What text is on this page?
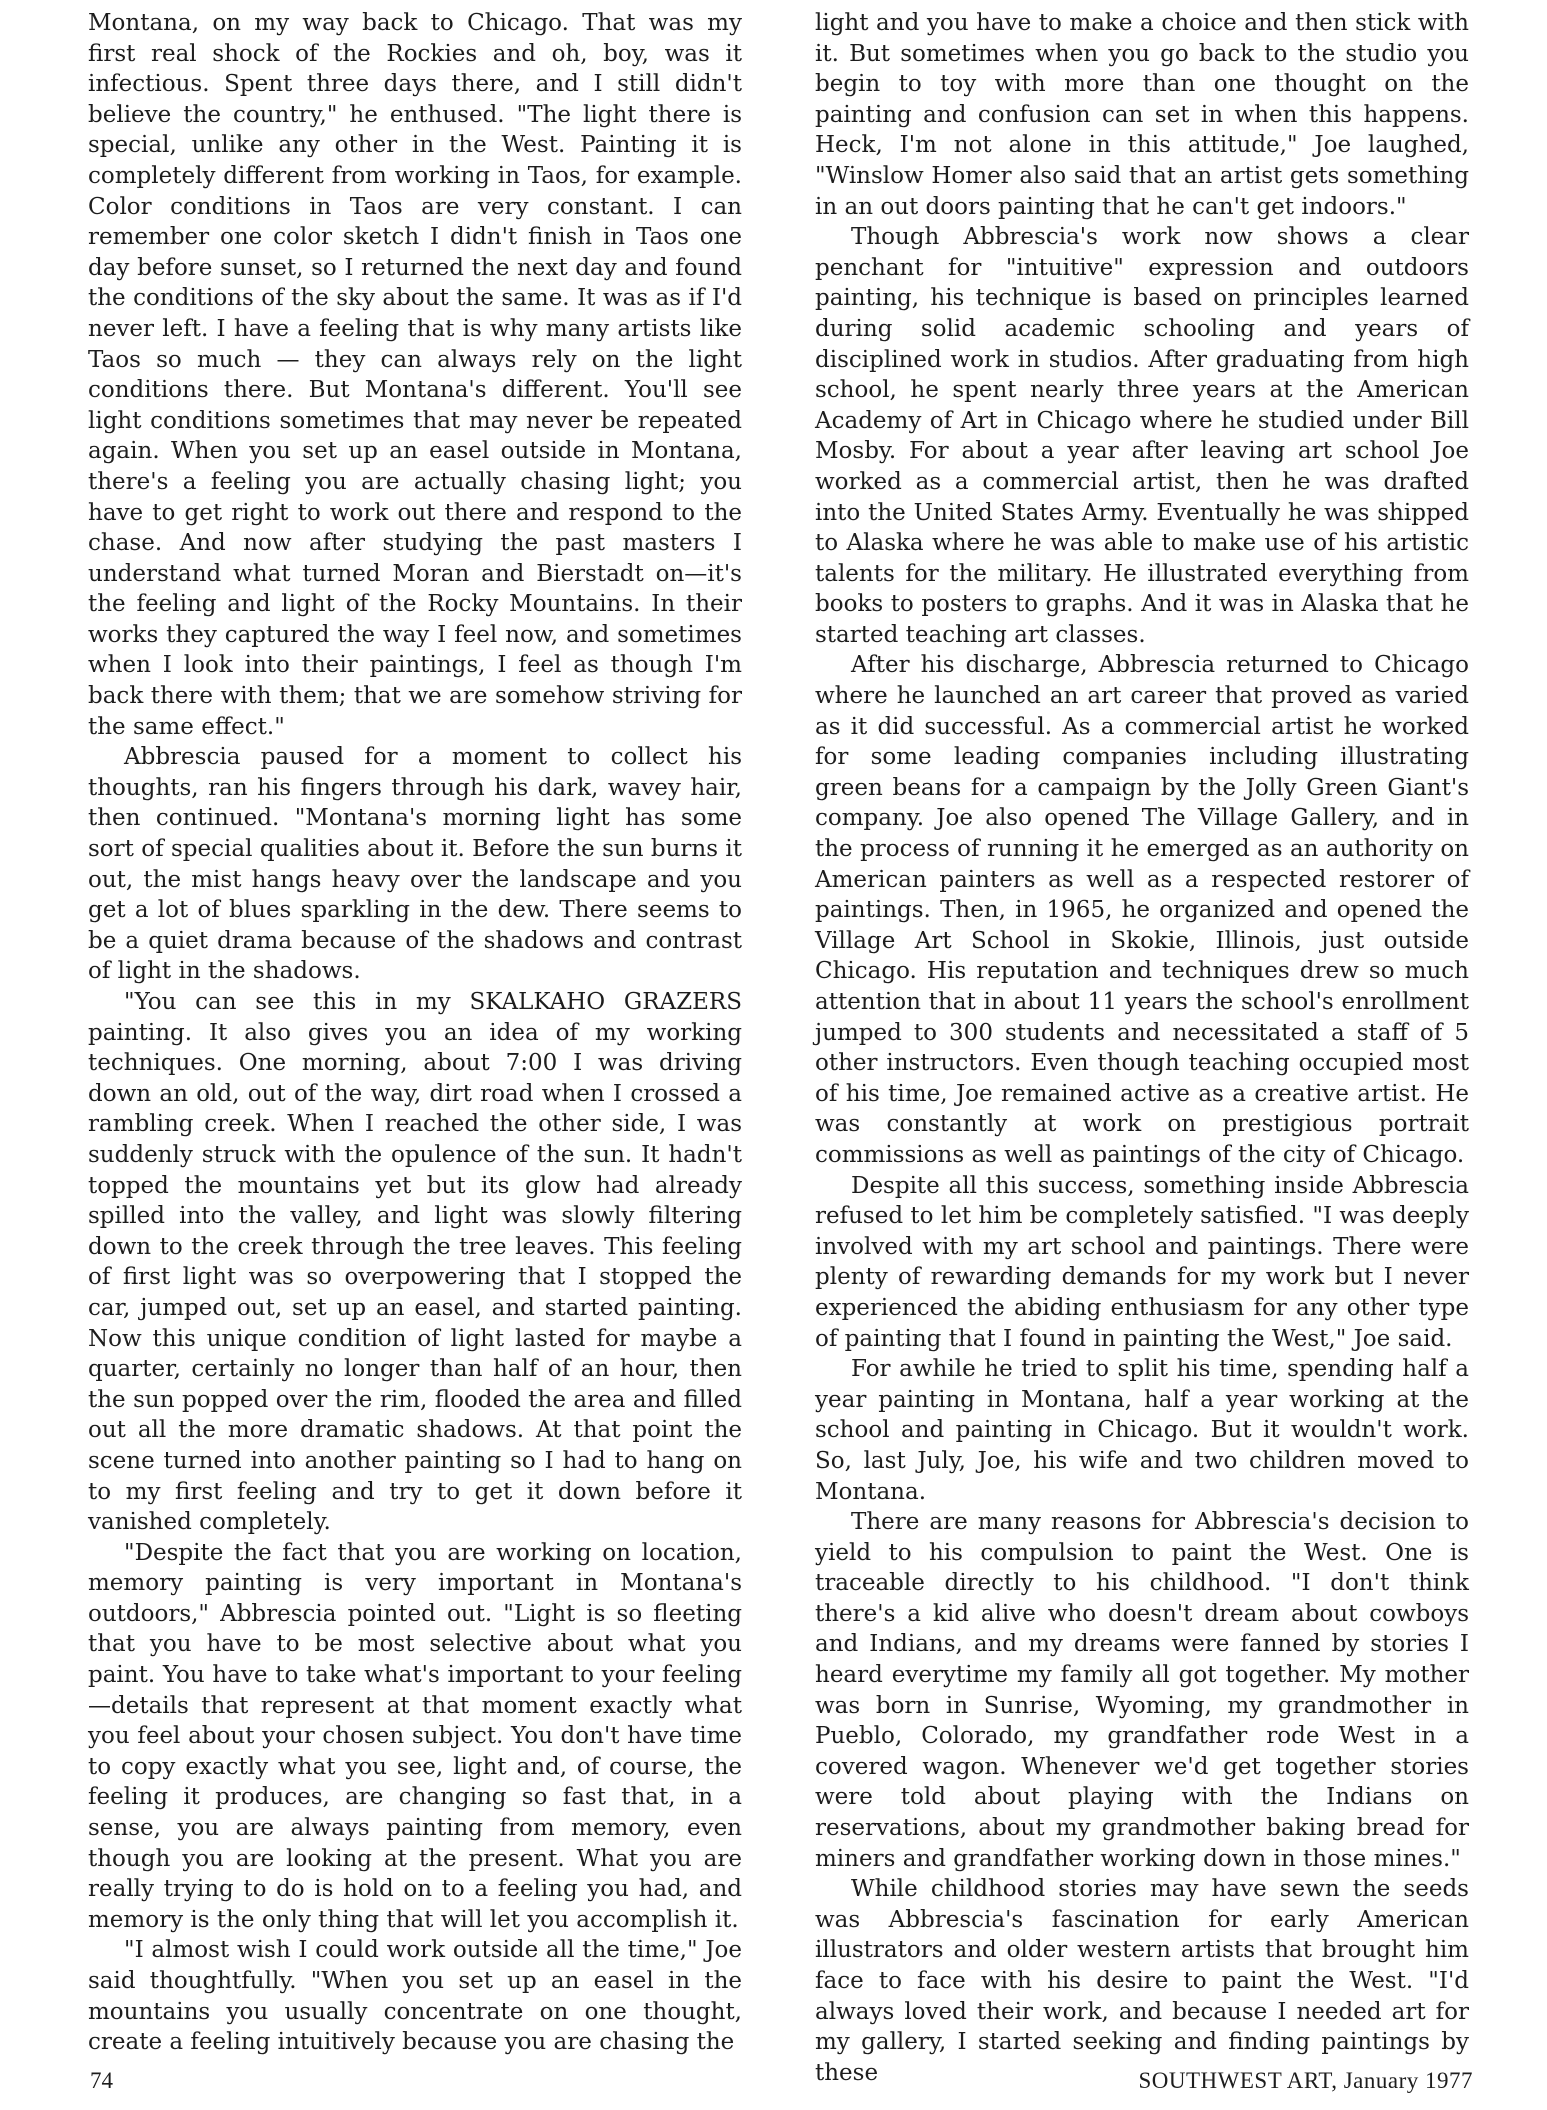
Montana, on my way back to Chicago. That was my first real shock of the Rockies and oh, boy, was it infectious. Spent three days there, and I still didn't believe the country," he enthused. "The light there is special, unlike any other in the West. Painting it is completely different from working in Taos, for example. Color conditions in Taos are very constant. I can remember one color sketch I didn't finish in Taos one day before sunset, so I returned the next day and found the conditions of the sky about the same. It was as if I'd never left. I have a feeling that is why many artists like Taos so much — they can always rely on the light conditions there. But Montana's different. You'll see light conditions sometimes that may never be repeated again. When you set up an easel outside in Montana, there's a feeling you are actually chasing light; you have to get right to work out there and respond to the chase. And now after studying the past masters I understand what turned Moran and Bierstadt on—it's the feeling and light of the Rocky Mountains. In their works they captured the way I feel now, and sometimes when I look into their paintings, I feel as though I'm back there with them; that we are somehow striving for the same effect."

Abbrescia paused for a moment to collect his thoughts, ran his fingers through his dark, wavey hair, then continued. "Montana's morning light has some sort of special qualities about it. Before the sun burns it out, the mist hangs heavy over the landscape and you get a lot of blues sparkling in the dew. There seems to be a quiet drama because of the shadows and contrast of light in the shadows.

"You can see this in my SKALKAHO GRAZERS painting. It also gives you an idea of my working techniques. One morning, about 7:00 I was driving down an old, out of the way, dirt road when I crossed a rambling creek. When I reached the other side, I was suddenly struck with the opulence of the sun. It hadn't topped the mountains yet but its glow had already spilled into the valley, and light was slowly filtering down to the creek through the tree leaves. This feeling of first light was so overpowering that I stopped the car, jumped out, set up an easel, and started painting. Now this unique condition of light lasted for maybe a quarter, certainly no longer than half of an hour, then the sun popped over the rim, flooded the area and filled out all the more dramatic shadows. At that point the scene turned into another painting so I had to hang on to my first feeling and try to get it down before it vanished completely.

"Despite the fact that you are working on location, memory painting is very important in Montana's outdoors," Abbrescia pointed out. "Light is so fleeting that you have to be most selective about what you paint. You have to take what's important to your feeling—details that represent at that moment exactly what you feel about your chosen subject. You don't have time to copy exactly what you see, light and, of course, the feeling it produces, are changing so fast that, in a sense, you are always painting from memory, even though you are looking at the present. What you are really trying to do is hold on to a feeling you had, and memory is the only thing that will let you accomplish it.

"I almost wish I could work outside all the time," Joe said thoughtfully. "When you set up an easel in the mountains you usually concentrate on one thought, create a feeling intuitively because you are chasing the

light and you have to make a choice and then stick with it. But sometimes when you go back to the studio you begin to toy with more than one thought on the painting and confusion can set in when this happens. Heck, I'm not alone in this attitude," Joe laughed, "Winslow Homer also said that an artist gets something in an out doors painting that he can't get indoors."

Though Abbrescia's work now shows a clear penchant for "intuitive" expression and outdoors painting, his technique is based on principles learned during solid academic schooling and years of disciplined work in studios. After graduating from high school, he spent nearly three years at the American Academy of Art in Chicago where he studied under Bill Mosby. For about a year after leaving art school Joe worked as a commercial artist, then he was drafted into the United States Army. Eventually he was shipped to Alaska where he was able to make use of his artistic talents for the military. He illustrated everything from books to posters to graphs. And it was in Alaska that he started teaching art classes.

After his discharge, Abbrescia returned to Chicago where he launched an art career that proved as varied as it did successful. As a commercial artist he worked for some leading companies including illustrating green beans for a campaign by the Jolly Green Giant's company. Joe also opened The Village Gallery, and in the process of running it he emerged as an authority on American painters as well as a respected restorer of paintings. Then, in 1965, he organized and opened the Village Art School in Skokie, Illinois, just outside Chicago. His reputation and techniques drew so much attention that in about 11 years the school's enrollment jumped to 300 students and necessitated a staff of 5 other instructors. Even though teaching occupied most of his time, Joe remained active as a creative artist. He was constantly at work on prestigious portrait commissions as well as paintings of the city of Chicago.

Despite all this success, something inside Abbrescia refused to let him be completely satisfied. "I was deeply involved with my art school and paintings. There were plenty of rewarding demands for my work but I never experienced the abiding enthusiasm for any other type of painting that I found in painting the West," Joe said.

For awhile he tried to split his time, spending half a year painting in Montana, half a year working at the school and painting in Chicago. But it wouldn't work. So, last July, Joe, his wife and two children moved to Montana.

There are many reasons for Abbrescia's decision to yield to his compulsion to paint the West. One is traceable directly to his childhood. "I don't think there's a kid alive who doesn't dream about cowboys and Indians, and my dreams were fanned by stories I heard everytime my family all got together. My mother was born in Sunrise, Wyoming, my grandmother in Pueblo, Colorado, my grandfather rode West in a covered wagon. Whenever we'd get together stories were told about playing with the Indians on reservations, about my grandmother baking bread for miners and grandfather working down in those mines."

While childhood stories may have sewn the seeds was Abbrescia's fascination for early American illustrators and older western artists that brought him face to face with his desire to paint the West. "I'd always loved their work, and because I needed art for my gallery, I started seeking and finding paintings by these

74	SOUTHWEST ART, January 1977
